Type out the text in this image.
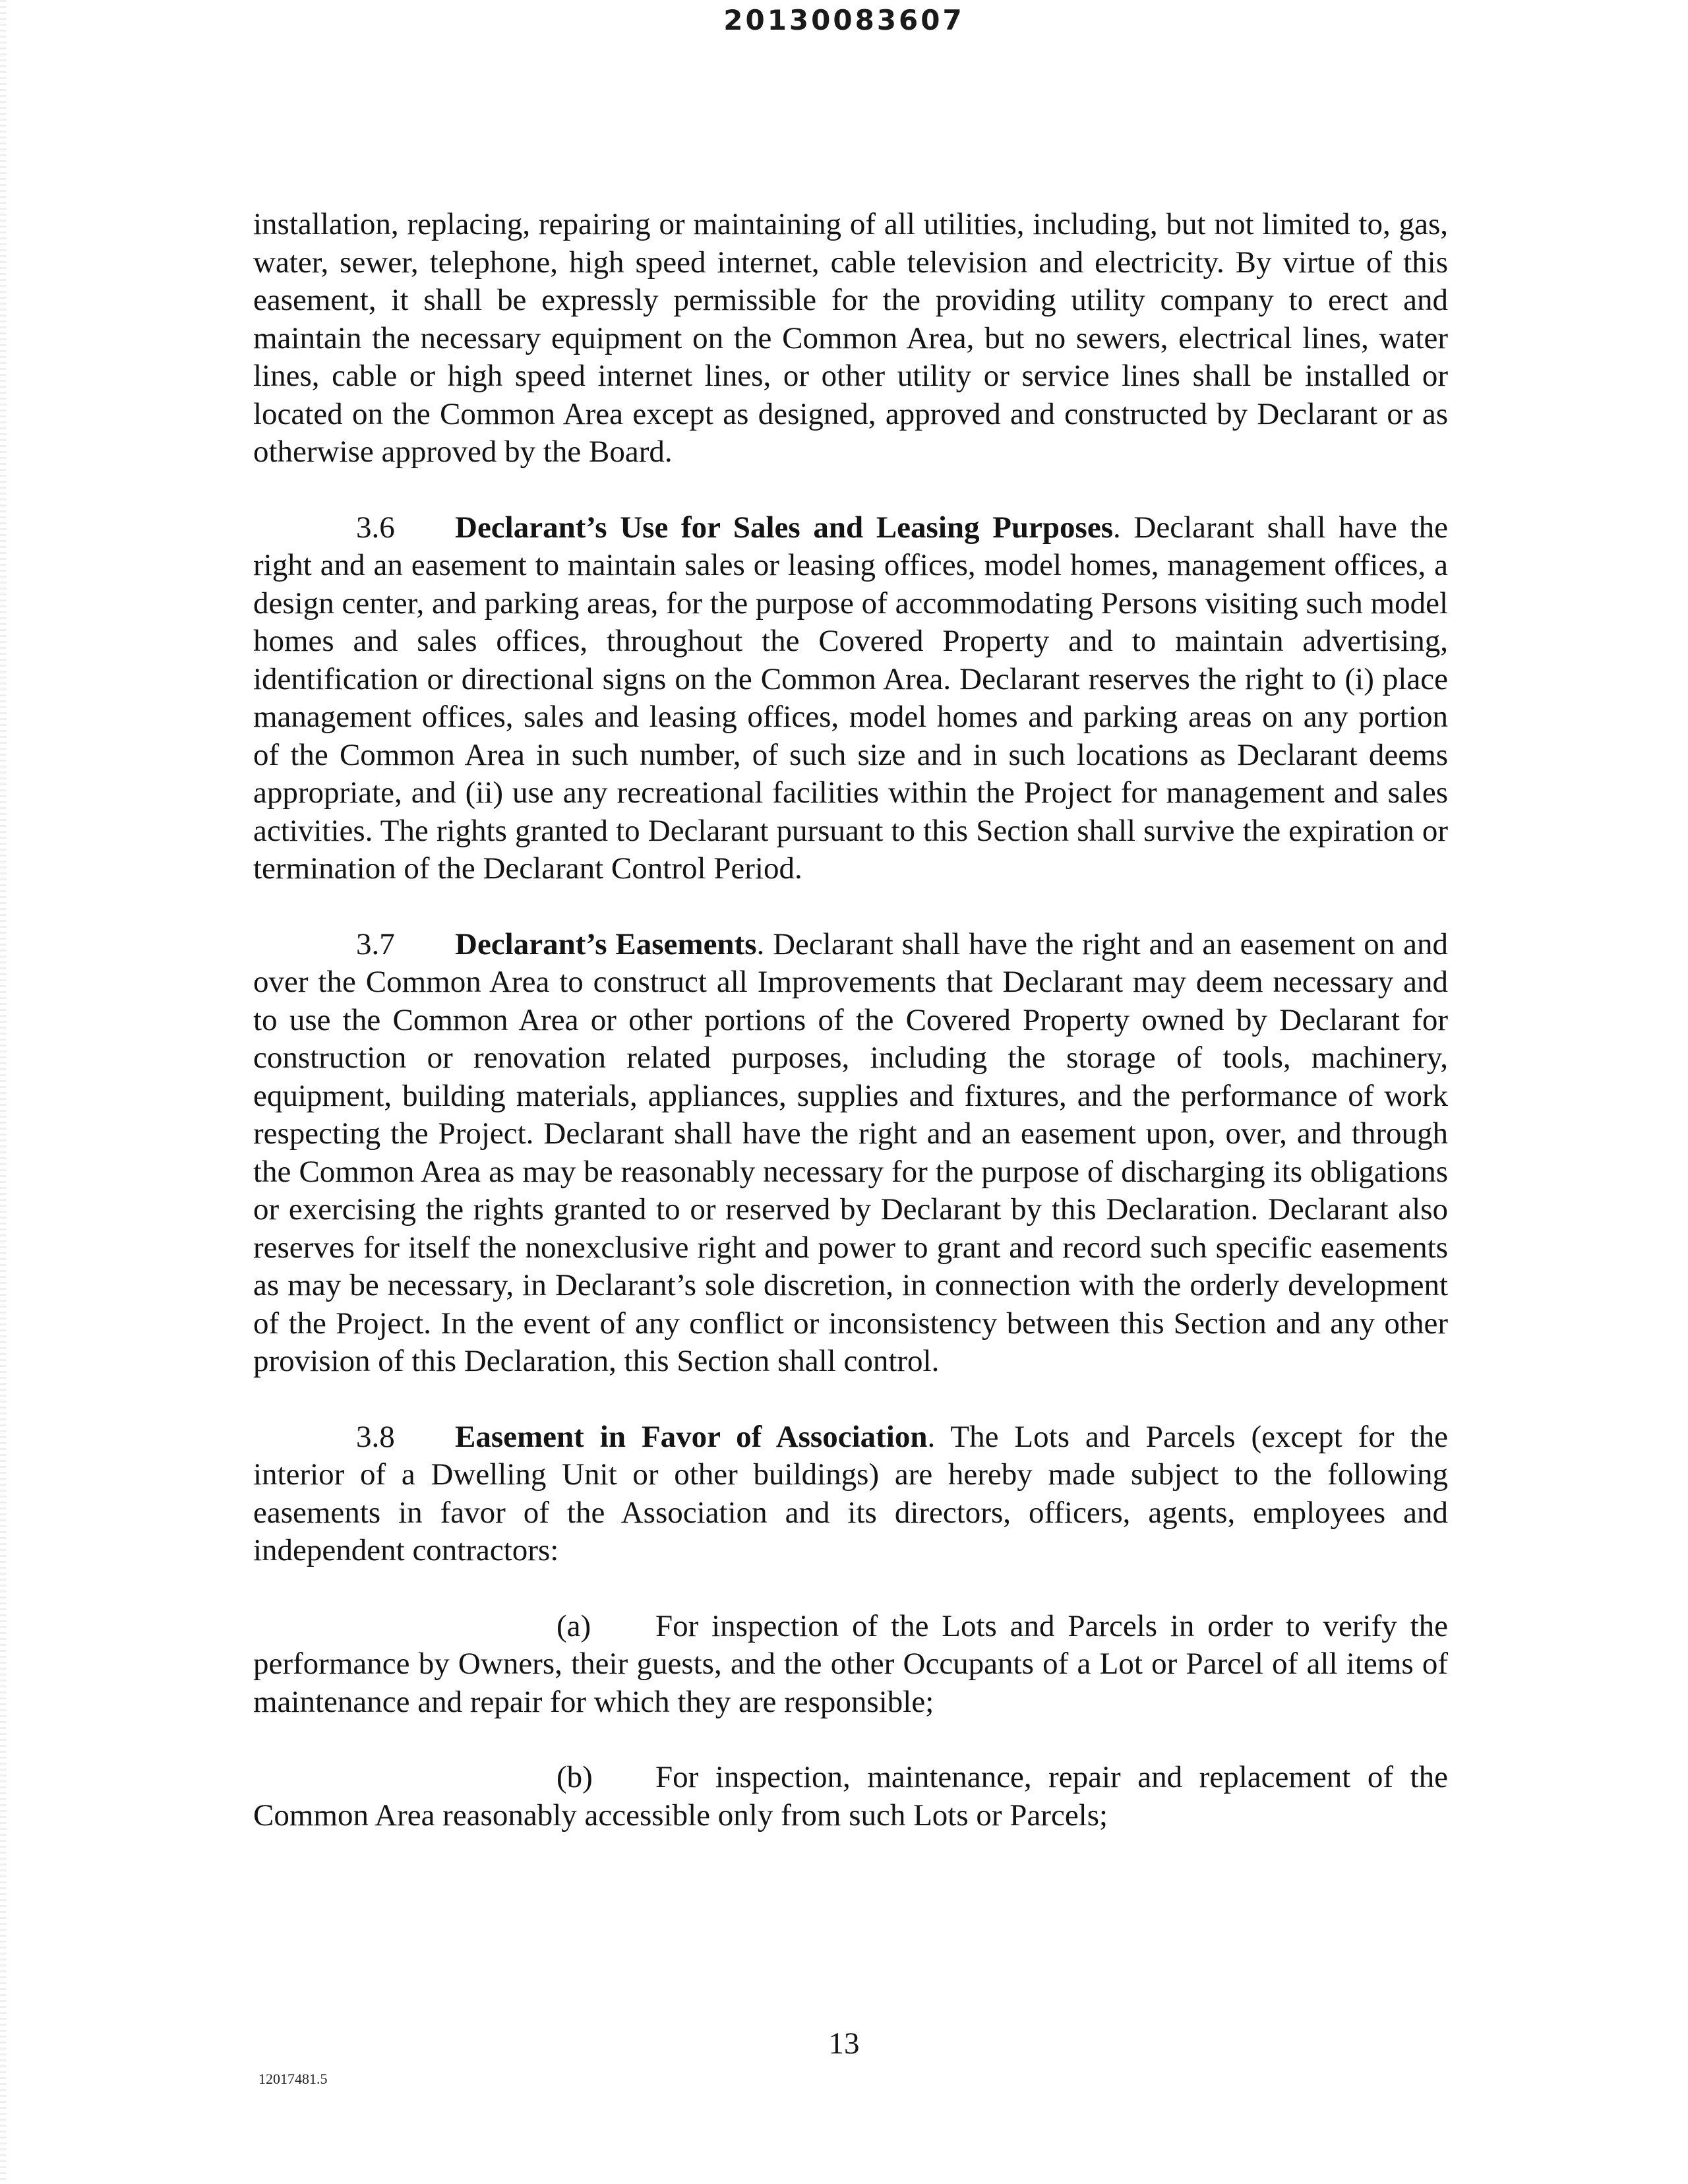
20130083607

installation, replacing, repairing or maintaining of all utilities, including, but not limited to, gas, water, sewer, telephone, high speed internet, cable television and electricity. By virtue of this easement, it shall be expressly permissible for the providing utility company to erect and maintain the necessary equipment on the Common Area, but no sewers, electrical lines, water lines, cable or high speed internet lines, or other utility or service lines shall be installed or located on the Common Area except as designed, approved and constructed by Declarant or as otherwise approved by the Board.

3.6 Declarant’s Use for Sales and Leasing Purposes. Declarant shall have the right and an easement to maintain sales or leasing offices, model homes, management offices, a design center, and parking areas, for the purpose of accommodating Persons visiting such model homes and sales offices, throughout the Covered Property and to maintain advertising, identification or directional signs on the Common Area. Declarant reserves the right to (i) place management offices, sales and leasing offices, model homes and parking areas on any portion of the Common Area in such number, of such size and in such locations as Declarant deems appropriate, and (ii) use any recreational facilities within the Project for management and sales activities. The rights granted to Declarant pursuant to this Section shall survive the expiration or termination of the Declarant Control Period.

3.7 Declarant’s Easements. Declarant shall have the right and an easement on and over the Common Area to construct all Improvements that Declarant may deem necessary and to use the Common Area or other portions of the Covered Property owned by Declarant for construction or renovation related purposes, including the storage of tools, machinery, equipment, building materials, appliances, supplies and fixtures, and the performance of work respecting the Project. Declarant shall have the right and an easement upon, over, and through the Common Area as may be reasonably necessary for the purpose of discharging its obligations or exercising the rights granted to or reserved by Declarant by this Declaration. Declarant also reserves for itself the nonexclusive right and power to grant and record such specific easements as may be necessary, in Declarant’s sole discretion, in connection with the orderly development of the Project. In the event of any conflict or inconsistency between this Section and any other provision of this Declaration, this Section shall control.

3.8 Easement in Favor of Association. The Lots and Parcels (except for the interior of a Dwelling Unit or other buildings) are hereby made subject to the following easements in favor of the Association and its directors, officers, agents, employees and independent contractors:

(a) For inspection of the Lots and Parcels in order to verify the performance by Owners, their guests, and the other Occupants of a Lot or Parcel of all items of maintenance and repair for which they are responsible;

(b) For inspection, maintenance, repair and replacement of the Common Area reasonably accessible only from such Lots or Parcels;

13
12017481.5
